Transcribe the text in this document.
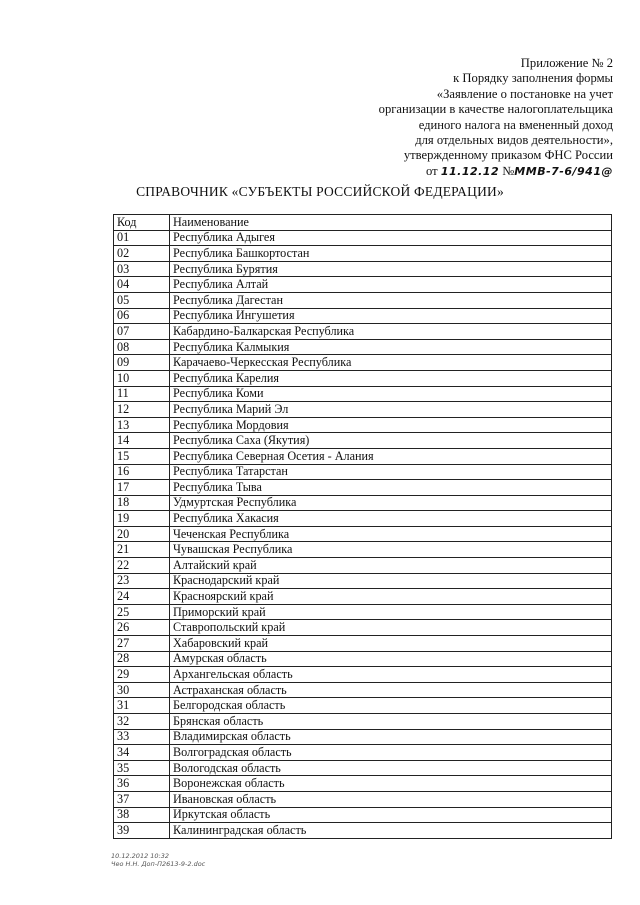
Приложение № 2
к Порядку заполнения формы
«Заявление о постановке на учет
организации в качестве налогоплательщика
единого налога на вмененный доход
для отдельных видов деятельности»,
утвержденному приказом ФНС России
от 11.12.12 №ММВ-7-6/941@
СПРАВОЧНИК «СУБЪЕКТЫ РОССИЙСКОЙ ФЕДЕРАЦИИ»
Код	Наименование
01	Республика Адыгея
02	Республика Башкортостан
03	Республика Бурятия
04	Республика Алтай
05	Республика Дагестан
06	Республика Ингушетия
07	Кабардино-Балкарская Республика
08	Республика Калмыкия
09	Карачаево-Черкесская Республика
10	Республика Карелия
11	Республика Коми
12	Республика Марий Эл
13	Республика Мордовия
14	Республика Саха (Якутия)
15	Республика Северная Осетия - Алания
16	Республика Татарстан
17	Республика Тыва
18	Удмуртская Республика
19	Республика Хакасия
20	Чеченская Республика
21	Чувашская Республика
22	Алтайский край
23	Краснодарский край
24	Красноярский край
25	Приморский край
26	Ставропольский край
27	Хабаровский край
28	Амурская область
29	Архангельская область
30	Астраханская область
31	Белгородская область
32	Брянская область
33	Владимирская область
34	Волгоградская область
35	Вологодская область
36	Воронежская область
37	Ивановская область
38	Иркутская область
39	Калининградская область
10.12.2012 10:32
Чео Н.Н. Доп-П2613-9-2.doc
